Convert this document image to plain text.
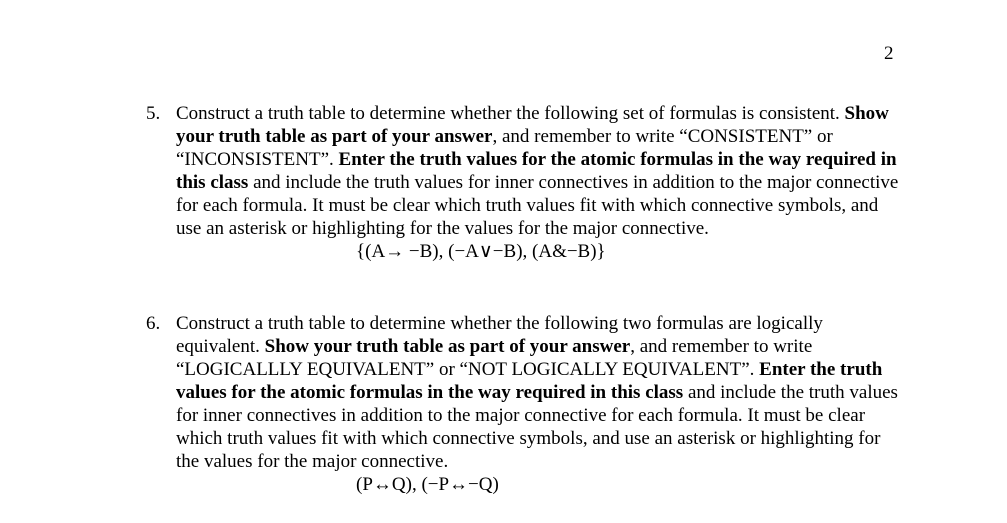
2
5. Construct a truth table to determine whether the following set of formulas is consistent. Show your truth table as part of your answer, and remember to write “CONSISTENT” or “INCONSISTENT”. Enter the truth values for the atomic formulas in the way required in this class and include the truth values for inner connectives in addition to the major connective for each formula. It must be clear which truth values fit with which connective symbols, and use an asterisk or highlighting for the values for the major connective.
{(A→ −B), (−A∨−B), (A&−B)}
6. Construct a truth table to determine whether the following two formulas are logically equivalent. Show your truth table as part of your answer, and remember to write “LOGICALLLY EQUIVALENT” or “NOT LOGICALLY EQUIVALENT”. Enter the truth values for the atomic formulas in the way required in this class and include the truth values for inner connectives in addition to the major connective for each formula. It must be clear which truth values fit with which connective symbols, and use an asterisk or highlighting for the values for the major connective.
(P↔Q), (−P↔−Q)
